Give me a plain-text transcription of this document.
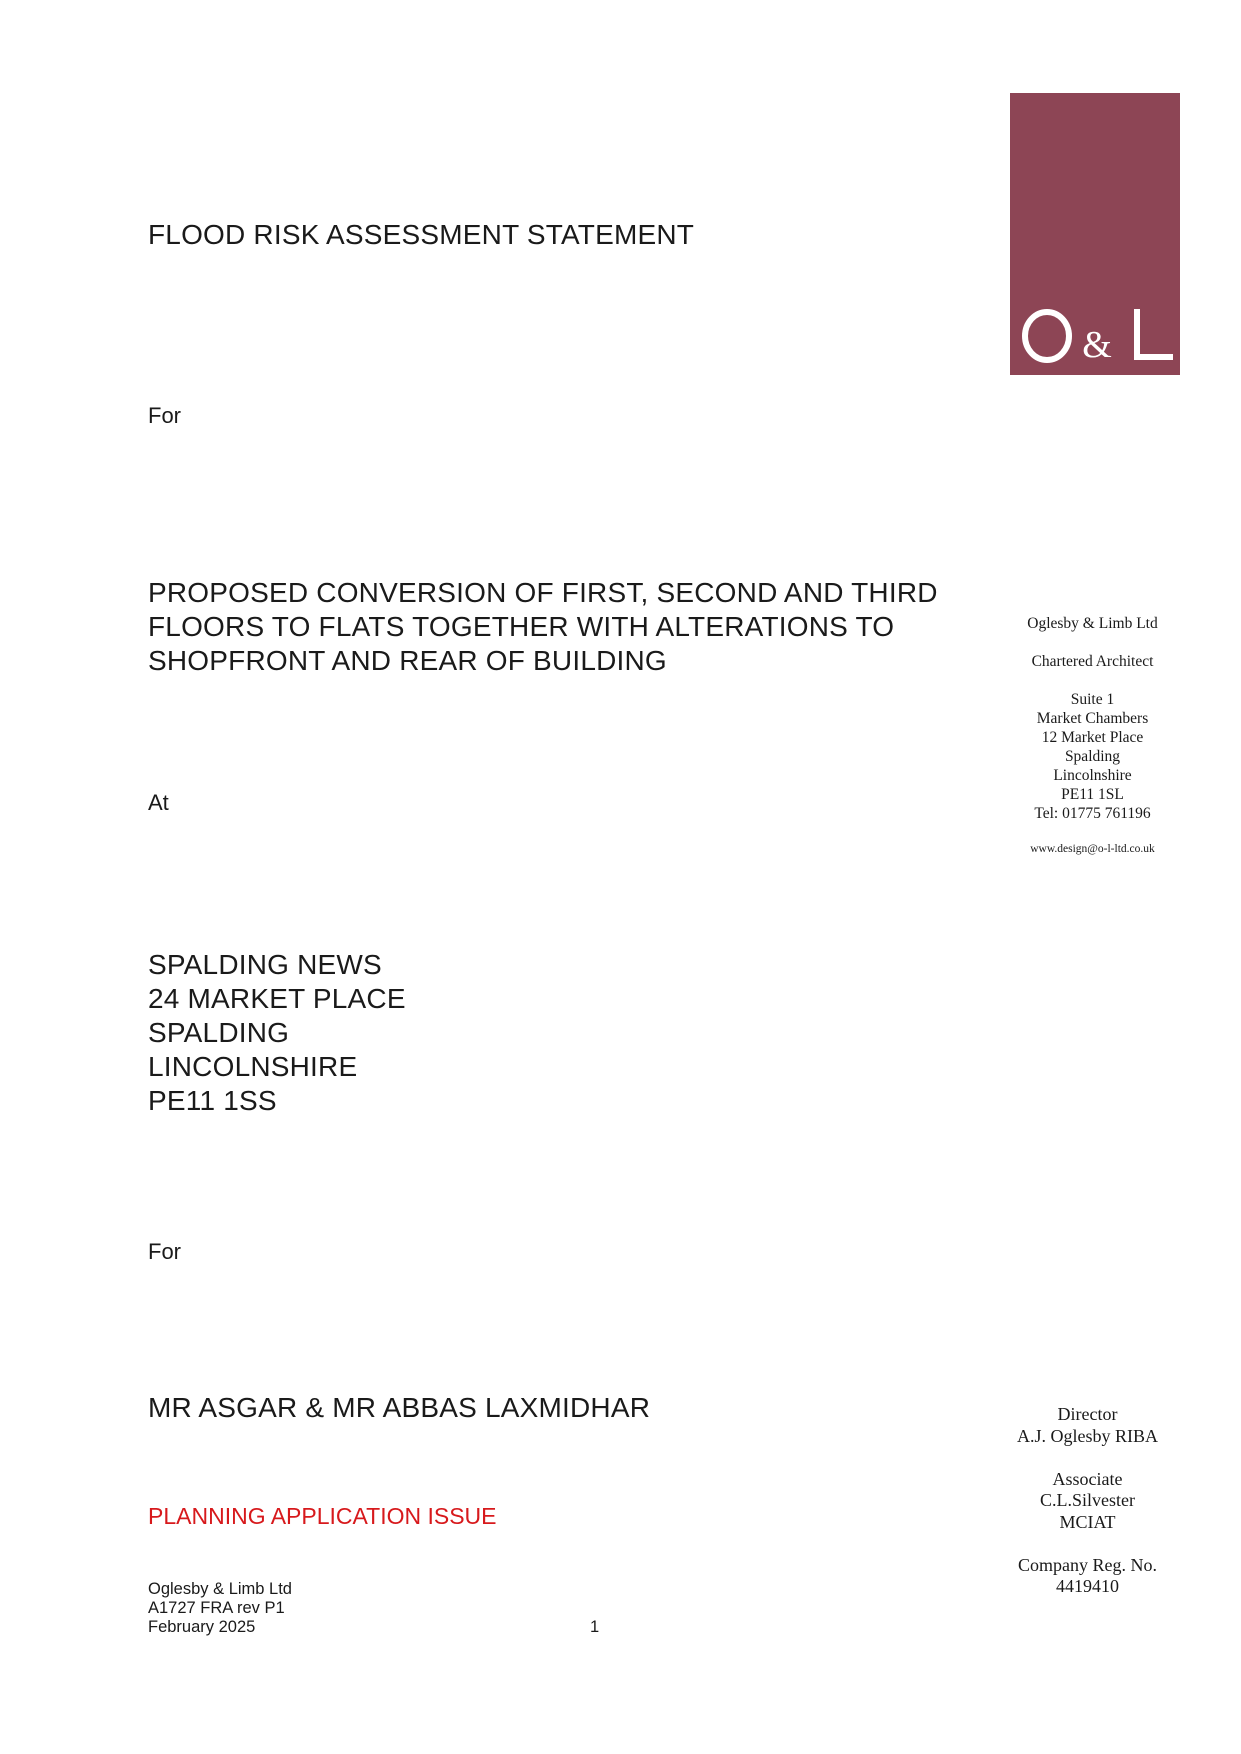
FLOOD RISK ASSESSMENT STATEMENT
For
PROPOSED CONVERSION OF FIRST, SECOND AND THIRD
FLOORS TO FLATS TOGETHER WITH ALTERATIONS TO
SHOPFRONT AND REAR OF BUILDING
At
SPALDING NEWS
24 MARKET PLACE
SPALDING
LINCOLNSHIRE
PE11 1SS
For
MR ASGAR & MR ABBAS LAXMIDHAR
PLANNING APPLICATION ISSUE
Oglesby & Limb Ltd
A1727 FRA rev P1
February 2025	1
&
Oglesby & Limb Ltd
Chartered Architect
Suite 1
Market Chambers
12 Market Place
Spalding
Lincolnshire
PE11 1SL
Tel: 01775 761196
www.design@o-l-ltd.co.uk
Director
A.J. Oglesby RIBA
Associate
C.L.Silvester
MCIAT
Company Reg. No.
4419410
